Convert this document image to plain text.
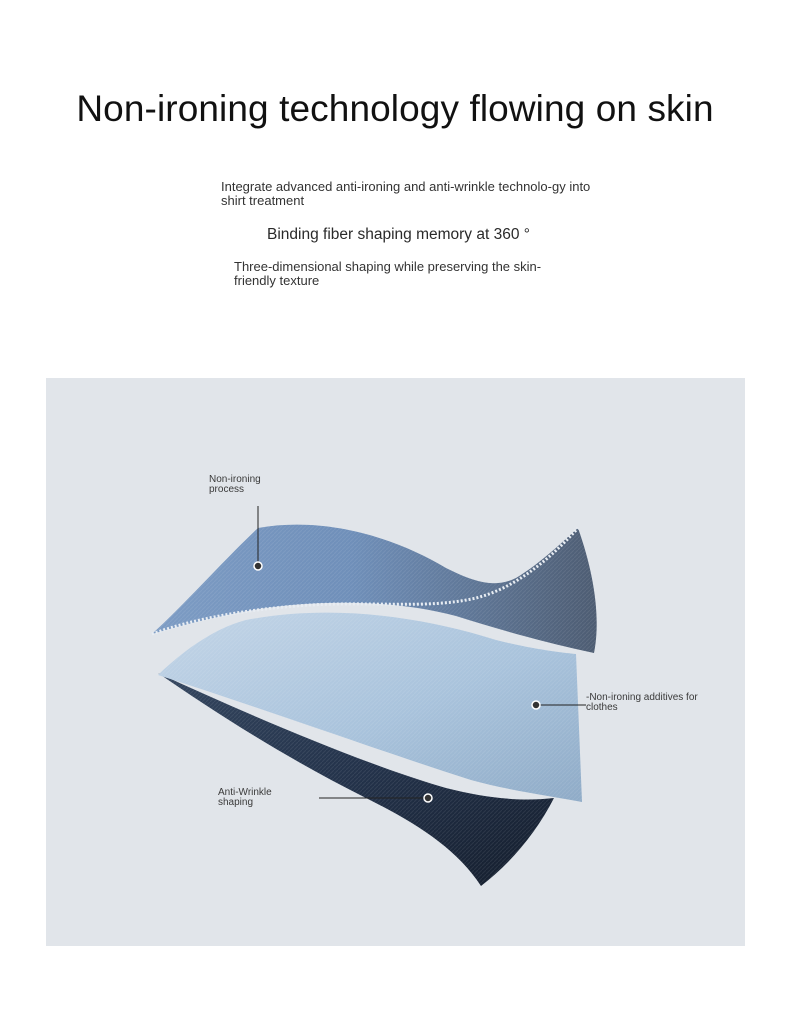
Non-ironing technology flowing on skin

Integrate advanced anti-ironing and anti-wrinkle technolo-gy into shirt treatment

Binding fiber shaping memory at 360 °

Three-dimensional shaping while preserving the skin-friendly texture

Non-ironing process

-Non-ironing additives for clothes

Anti-Wrinkle shaping
